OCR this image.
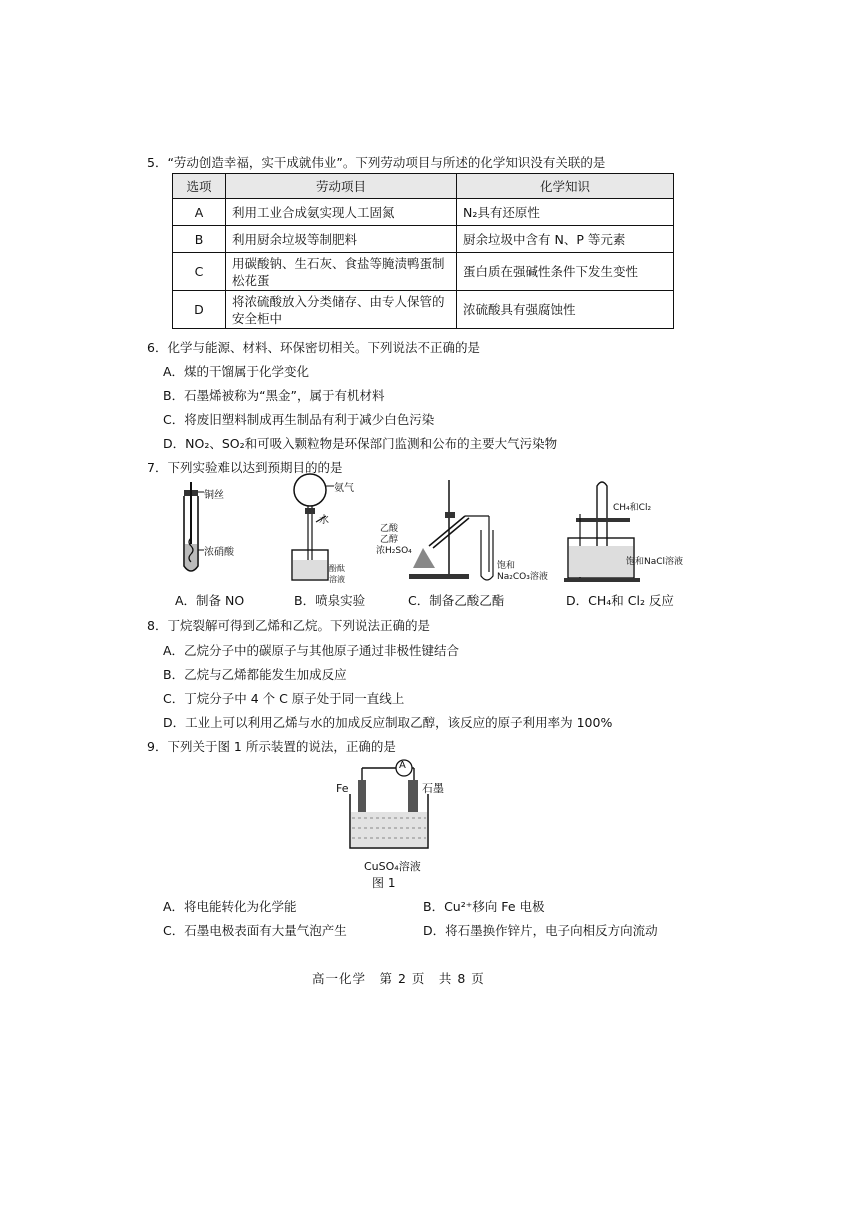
5．“劳动创造幸福，实干成就伟业”。下列劳动项目与所述的化学知识没有关联的是
选项	劳动项目	化学知识
A	利用工业合成氨实现人工固氮	N₂具有还原性
B	利用厨余垃圾等制肥料	厨余垃圾中含有 N、P 等元素
C	用碳酸钠、生石灰、食盐等腌渍鸭蛋制松花蛋	蛋白质在强碱性条件下发生变性
D	将浓硫酸放入分类储存、由专人保管的安全柜中	浓硫酸具有强腐蚀性
6．化学与能源、材料、环保密切相关。下列说法不正确的是
A．煤的干馏属于化学变化
B．石墨烯被称为“黑金”，属于有机材料
C．将废旧塑料制成再生制品有利于减少白色污染
D．NO₂、SO₂和可吸入颗粒物是环保部门监测和公布的主要大气污染物
7．下列实验难以达到预期目的的是
铜丝
浓硝酸
A．制备 NO
氨气
水
酚酞
溶液
B．喷泉实验
乙酸
乙醇
浓H₂SO₄
饱和
Na₂CO₃溶液
C．制备乙酸乙酯
CH₄和Cl₂
饱和NaCl溶液
D．CH₄和 Cl₂ 反应
8．丁烷裂解可得到乙烯和乙烷。下列说法正确的是
A．乙烷分子中的碳原子与其他原子通过非极性键结合
B．乙烷与乙烯都能发生加成反应
C．丁烷分子中 4 个 C 原子处于同一直线上
D．工业上可以利用乙烯与水的加成反应制取乙醇，该反应的原子利用率为 100%
9．下列关于图 1 所示装置的说法，正确的是
A
Fe	石墨
CuSO₄溶液
图 1
A．将电能转化为化学能	B．Cu²⁺移向 Fe 电极
C．石墨电极表面有大量气泡产生	D．将石墨换作锌片，电子向相反方向流动
高一化学　第 2 页　共 8 页
